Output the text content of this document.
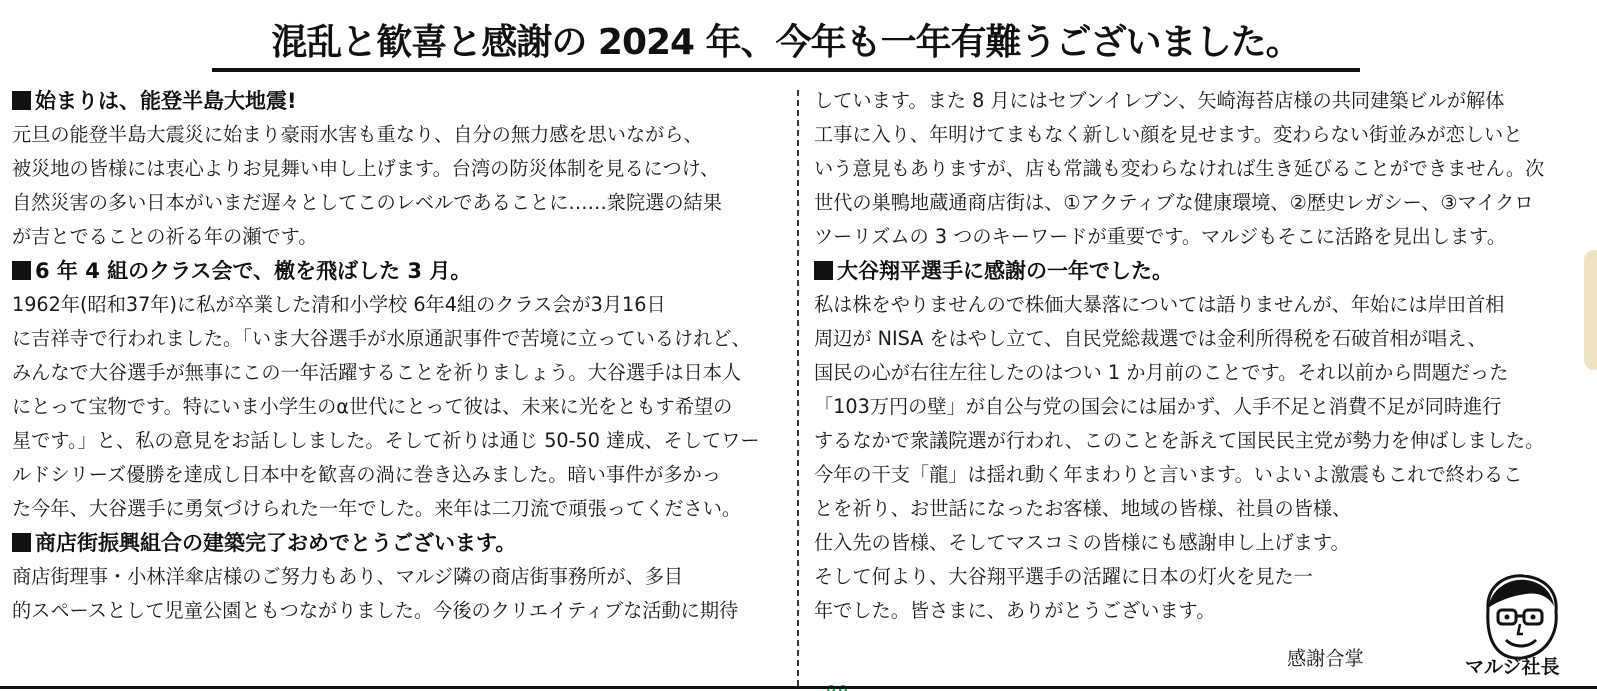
混乱と歓喜と感謝の 2024 年、今年も一年有難うございました。
始まりは、能登半島大地震!
元旦の能登半島大震災に始まり豪雨水害も重なり、自分の無力感を思いながら、
被災地の皆様には衷心よりお見舞い申し上げます。台湾の防災体制を見るにつけ、
自然災害の多い日本がいまだ遅々としてこのレベルであることに……衆院選の結果
が吉とでることの祈る年の瀬です。
6 年 4 組のクラス会で、檄を飛ばした 3 月。
1962年(昭和37年)に私が卒業した清和小学校 6年4組のクラス会が3月16日
に吉祥寺で行われました。「いま大谷選手が水原通訳事件で苦境に立っているけれど、
みんなで大谷選手が無事にこの一年活躍することを祈りましょう。大谷選手は日本人
にとって宝物です。特にいま小学生のα世代にとって彼は、未来に光をともす希望の
星です。」と、私の意見をお話ししました。そして祈りは通じ 50-50 達成、そしてワー
ルドシリーズ優勝を達成し日本中を歓喜の渦に巻き込みました。暗い事件が多かっ
た今年、大谷選手に勇気づけられた一年でした。来年は二刀流で頑張ってください。
商店街振興組合の建築完了おめでとうございます。
商店街理事・小林洋傘店様のご努力もあり、マルジ隣の商店街事務所が、多目
的スペースとして児童公園ともつながりました。今後のクリエイティブな活動に期待
しています。また 8 月にはセブンイレブン、矢崎海苔店様の共同建築ビルが解体
工事に入り、年明けてまもなく新しい顔を見せます。変わらない街並みが恋しいと
いう意見もありますが、店も常識も変わらなければ生き延びることができません。次
世代の巣鴨地蔵通商店街は、①アクティブな健康環境、②歴史レガシー、③マイクロ
ツーリズムの 3 つのキーワードが重要です。マルジもそこに活路を見出します。
大谷翔平選手に感謝の一年でした。
私は株をやりませんので株価大暴落については語りませんが、年始には岸田首相
周辺が NISA をはやし立て、自民党総裁選では金利所得税を石破首相が唱え、
国民の心が右往左往したのはつい 1 か月前のことです。それ以前から問題だった
「103万円の壁」が自公与党の国会には届かず、人手不足と消費不足が同時進行
するなかで衆議院選が行われ、このことを訴えて国民民主党が勢力を伸ばしました。
今年の干支「龍」は揺れ動く年まわりと言います。いよいよ激震もこれで終わるこ
とを祈り、お世話になったお客様、地域の皆様、社員の皆様、
仕入先の皆様、そしてマスコミの皆様にも感謝申し上げます。
そして何より、大谷翔平選手の活躍に日本の灯火を見た一
年でした。皆さまに、ありがとうございます。
感謝合掌	マルジ社長
